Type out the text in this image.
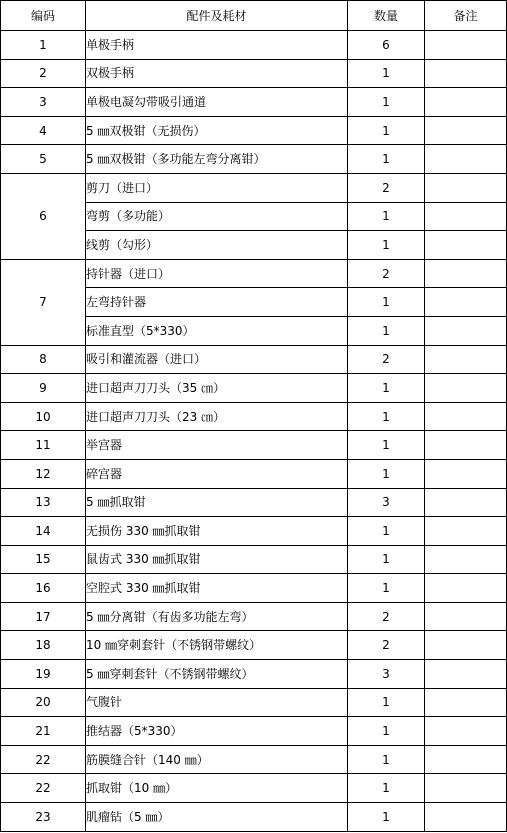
编码	配件及耗材	数量	备注
1	单极手柄	6	
2	双极手柄	1	
3	单极电凝勾带吸引通道	1	
4	5 ㎜双极钳（无损伤）	1	
5	5 ㎜双极钳（多功能左弯分离钳）	1	
6	剪刀（进口）	2	
	弯剪（多功能）	1	
	线剪（勾形）	1	
7	持针器（进口）	2	
	左弯持针器	1	
	标准直型（5*330）	1	
8	吸引和灌流器（进口）	2	
9	进口超声刀刀头（35 ㎝）	1	
10	进口超声刀刀头（23 ㎝）	1	
11	举宫器	1	
12	碎宫器	1	
13	5 ㎜抓取钳	3	
14	无损伤 330 ㎜抓取钳	1	
15	鼠齿式 330 ㎜抓取钳	1	
16	空腔式 330 ㎜抓取钳	1	
17	5 ㎜分离钳（有齿多功能左弯）	2	
18	10 ㎜穿刺套针（不锈钢带螺纹）	2	
19	5 ㎜穿刺套针（不锈钢带螺纹）	3	
20	气腹针	1	
21	推结器（5*330）	1	
22	筋膜缝合针（140 ㎜）	1	
22	抓取钳（10 ㎜）	1	
23	肌瘤钻（5 ㎜）	1	
